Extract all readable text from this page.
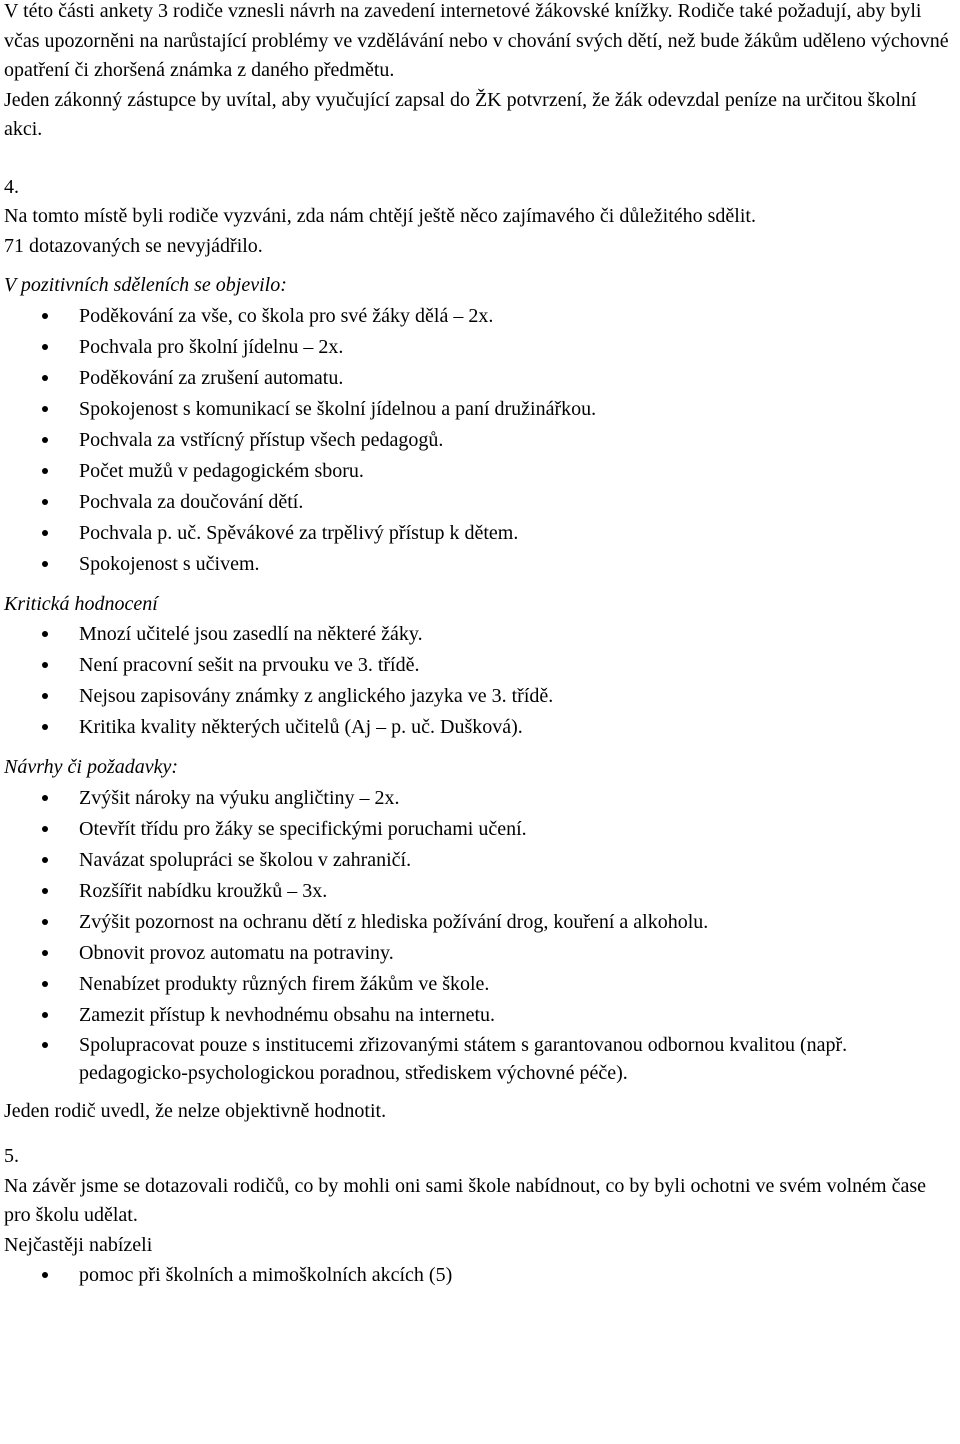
V této části ankety 3 rodiče vznesli návrh na zavedení internetové žákovské knížky. Rodiče také požadují, aby byli včas upozorněni na narůstající problémy ve vzdělávání nebo v chování svých dětí, než bude žákům uděleno výchovné opatření či zhoršená známka z daného předmětu.

Jeden zákonný zástupce by uvítal, aby vyučující zapsal do ŽK potvrzení, že žák odevzdal peníze na určitou školní akci.

4.

Na tomto místě byli rodiče vyzváni, zda nám chtějí ještě něco zajímavého či důležitého sdělit.

71 dotazovaných se nevyjádřilo.

V pozitivních sděleních se objevilo:

Poděkování za vše, co škola pro své žáky dělá – 2x.
Pochvala pro školní jídelnu – 2x.
Poděkování za zrušení automatu.
Spokojenost s komunikací se školní jídelnou a paní družinářkou.
Pochvala za vstřícný přístup všech pedagogů.
Počet mužů v pedagogickém sboru.
Pochvala za doučování dětí.
Pochvala p. uč. Spěvákové za trpělivý přístup k dětem.
Spokojenost s učivem.

Kritická hodnocení

Mnozí učitelé jsou zasedlí na některé žáky.
Není pracovní sešit na prvouku ve 3. třídě.
Nejsou zapisovány známky z anglického jazyka ve 3. třídě.
Kritika kvality některých učitelů (Aj – p. uč. Dušková).

Návrhy či požadavky:

Zvýšit nároky na výuku angličtiny – 2x.
Otevřít třídu pro žáky se specifickými poruchami učení.
Navázat spolupráci se školou v zahraničí.
Rozšířit nabídku kroužků – 3x.
Zvýšit pozornost na ochranu dětí z hlediska požívání drog, kouření a alkoholu.
Obnovit provoz automatu na potraviny.
Nenabízet produkty různých firem žákům ve škole.
Zamezit přístup k nevhodnému obsahu na internetu.
Spolupracovat pouze s institucemi zřizovanými státem s garantovanou odbornou kvalitou (např. pedagogicko-psychologickou poradnou, střediskem výchovné péče).

Jeden rodič uvedl, že nelze objektivně hodnotit.

5.

Na závěr jsme se dotazovali rodičů, co by mohli oni sami škole nabídnout, co by byli ochotni ve svém volném čase pro školu udělat.

Nejčastěji nabízeli

pomoc při školních a mimoškolních akcích (5)
